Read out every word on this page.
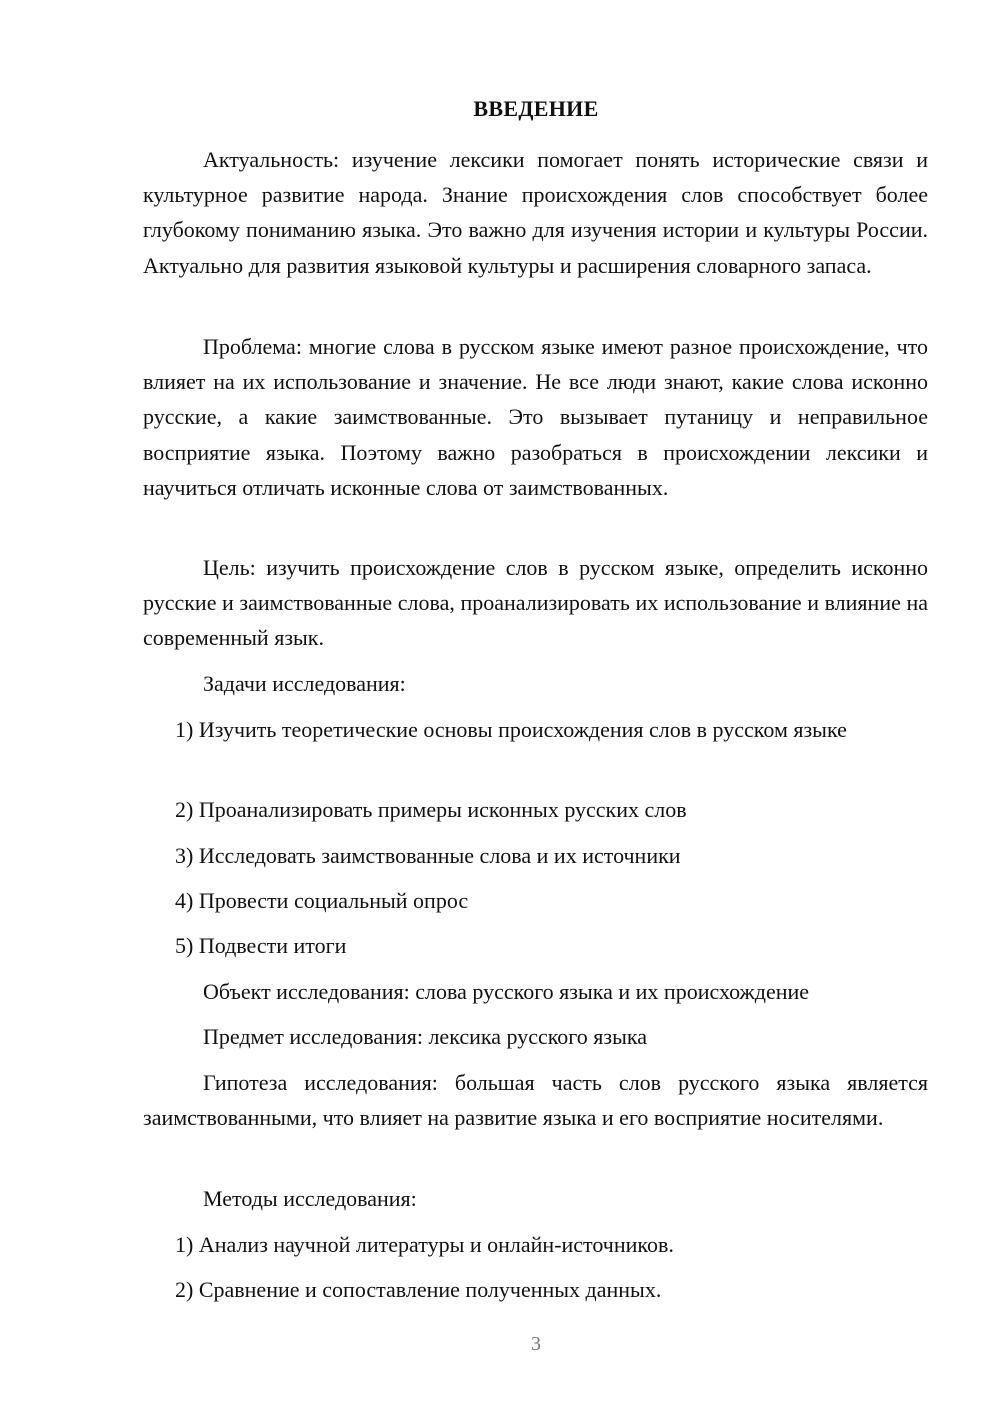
ВВЕДЕНИЕ

Актуальность: изучение лексики помогает понять исторические связи и культурное развитие народа. Знание происхождения слов способствует более глубокому пониманию языка. Это важно для изучения истории и культуры России. Актуально для развития языковой культуры и расширения словарного запаса.

Проблема: многие слова в русском языке имеют разное происхождение, что влияет на их использование и значение. Не все люди знают, какие слова исконно русские, а какие заимствованные. Это вызывает путаницу и неправильное восприятие языка. Поэтому важно разобраться в происхождении лексики и научиться отличать исконные слова от заимствованных.

Цель: изучить происхождение слов в русском языке, определить исконно русские и заимствованные слова, проанализировать их использование и влияние на современный язык.

Задачи исследования:

1) Изучить теоретические основы происхождения слов в русском языке

2) Проанализировать примеры исконных русских слов

3) Исследовать заимствованные слова и их источники

4) Провести социальный опрос

5) Подвести итоги

Объект исследования: слова русского языка и их происхождение

Предмет исследования: лексика русского языка

Гипотеза исследования: большая часть слов русского языка является заимствованными, что влияет на развитие языка и его восприятие носителями.

Методы исследования:

1) Анализ научной литературы и онлайн-источников.

2) Сравнение и сопоставление полученных данных.

3
